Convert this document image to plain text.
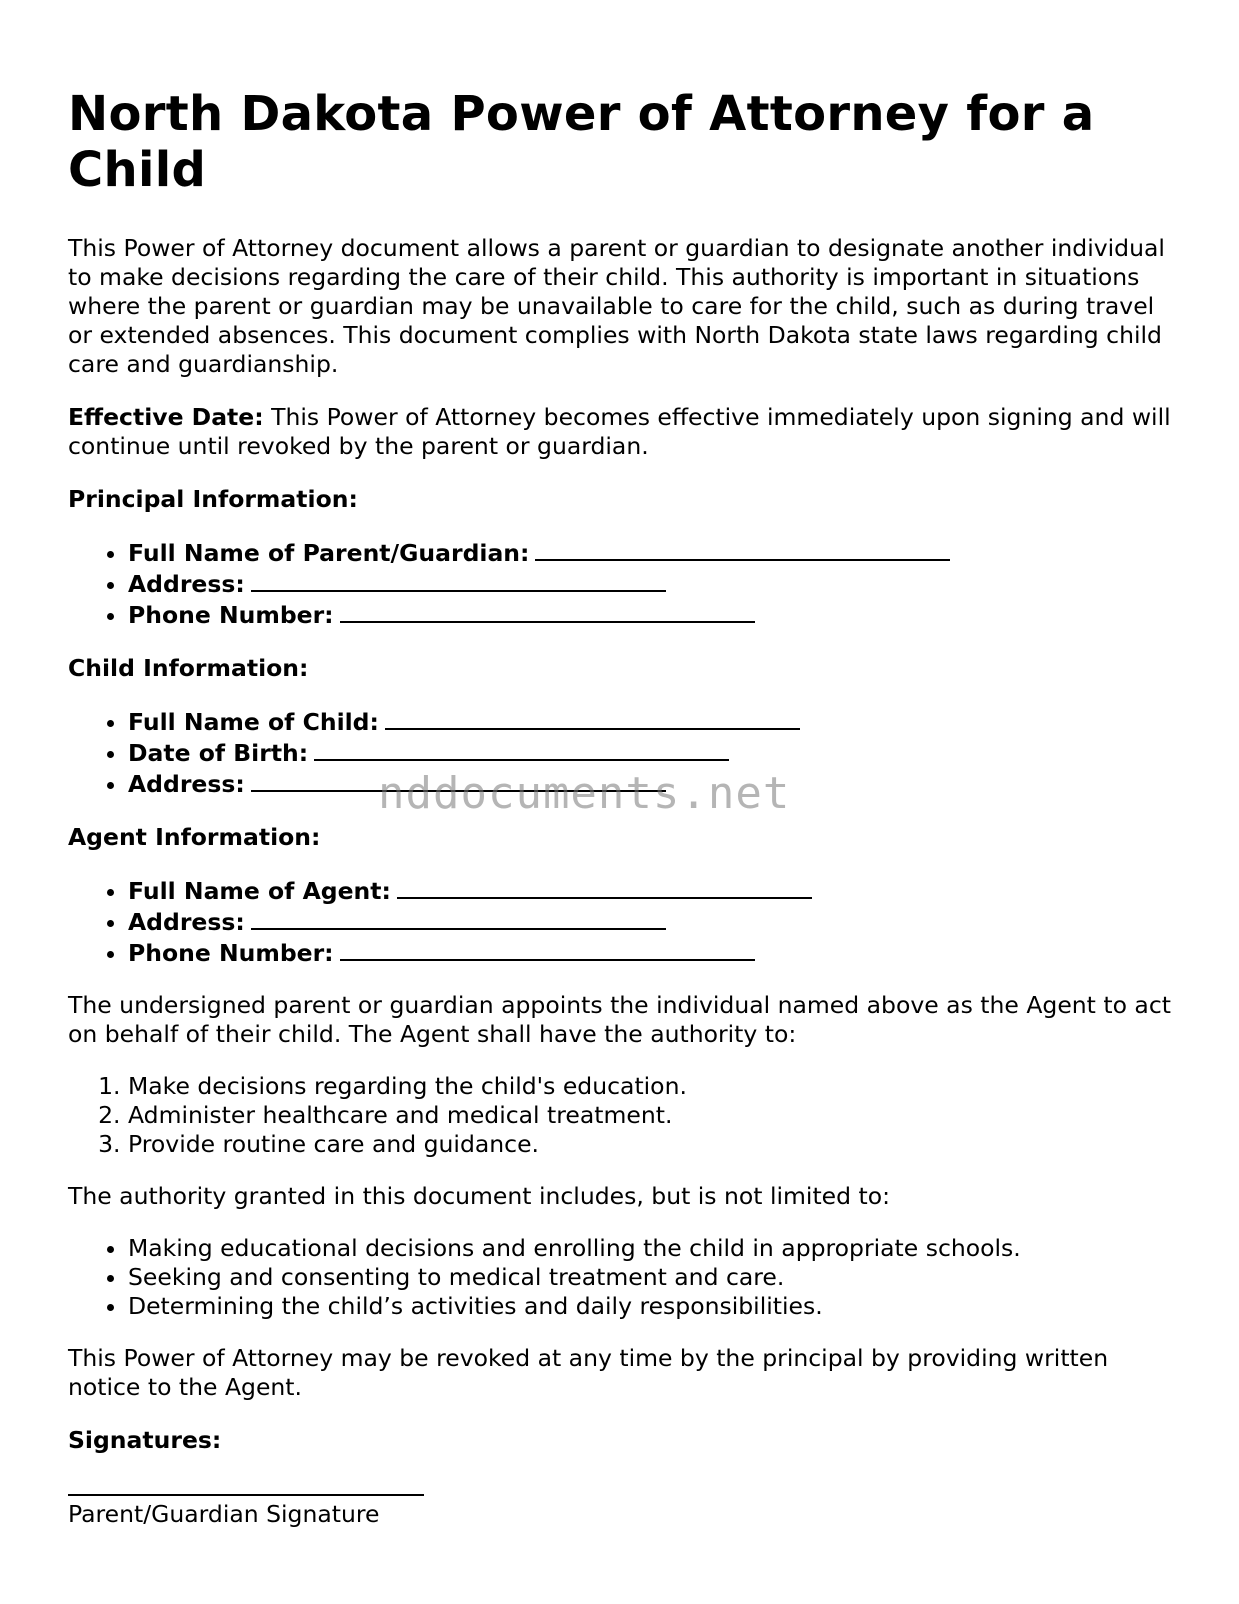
North Dakota Power of Attorney for a Child

This Power of Attorney document allows a parent or guardian to designate another individual to make decisions regarding the care of their child. This authority is important in situations where the parent or guardian may be unavailable to care for the child, such as during travel or extended absences. This document complies with North Dakota state laws regarding child care and guardianship.

Effective Date: This Power of Attorney becomes effective immediately upon signing and will continue until revoked by the parent or guardian.

Principal Information:

• Full Name of Parent/Guardian:
• Address:
• Phone Number:

Child Information:

• Full Name of Child:
• Date of Birth:
• Address:

Agent Information:

• Full Name of Agent:
• Address:
• Phone Number:

The undersigned parent or guardian appoints the individual named above as the Agent to act on behalf of their child. The Agent shall have the authority to:

1. Make decisions regarding the child's education.
2. Administer healthcare and medical treatment.
3. Provide routine care and guidance.

The authority granted in this document includes, but is not limited to:

• Making educational decisions and enrolling the child in appropriate schools.
• Seeking and consenting to medical treatment and care.
• Determining the child’s activities and daily responsibilities.

This Power of Attorney may be revoked at any time by the principal by providing written notice to the Agent.

Signatures:

Parent/Guardian Signature

nddocuments.net
